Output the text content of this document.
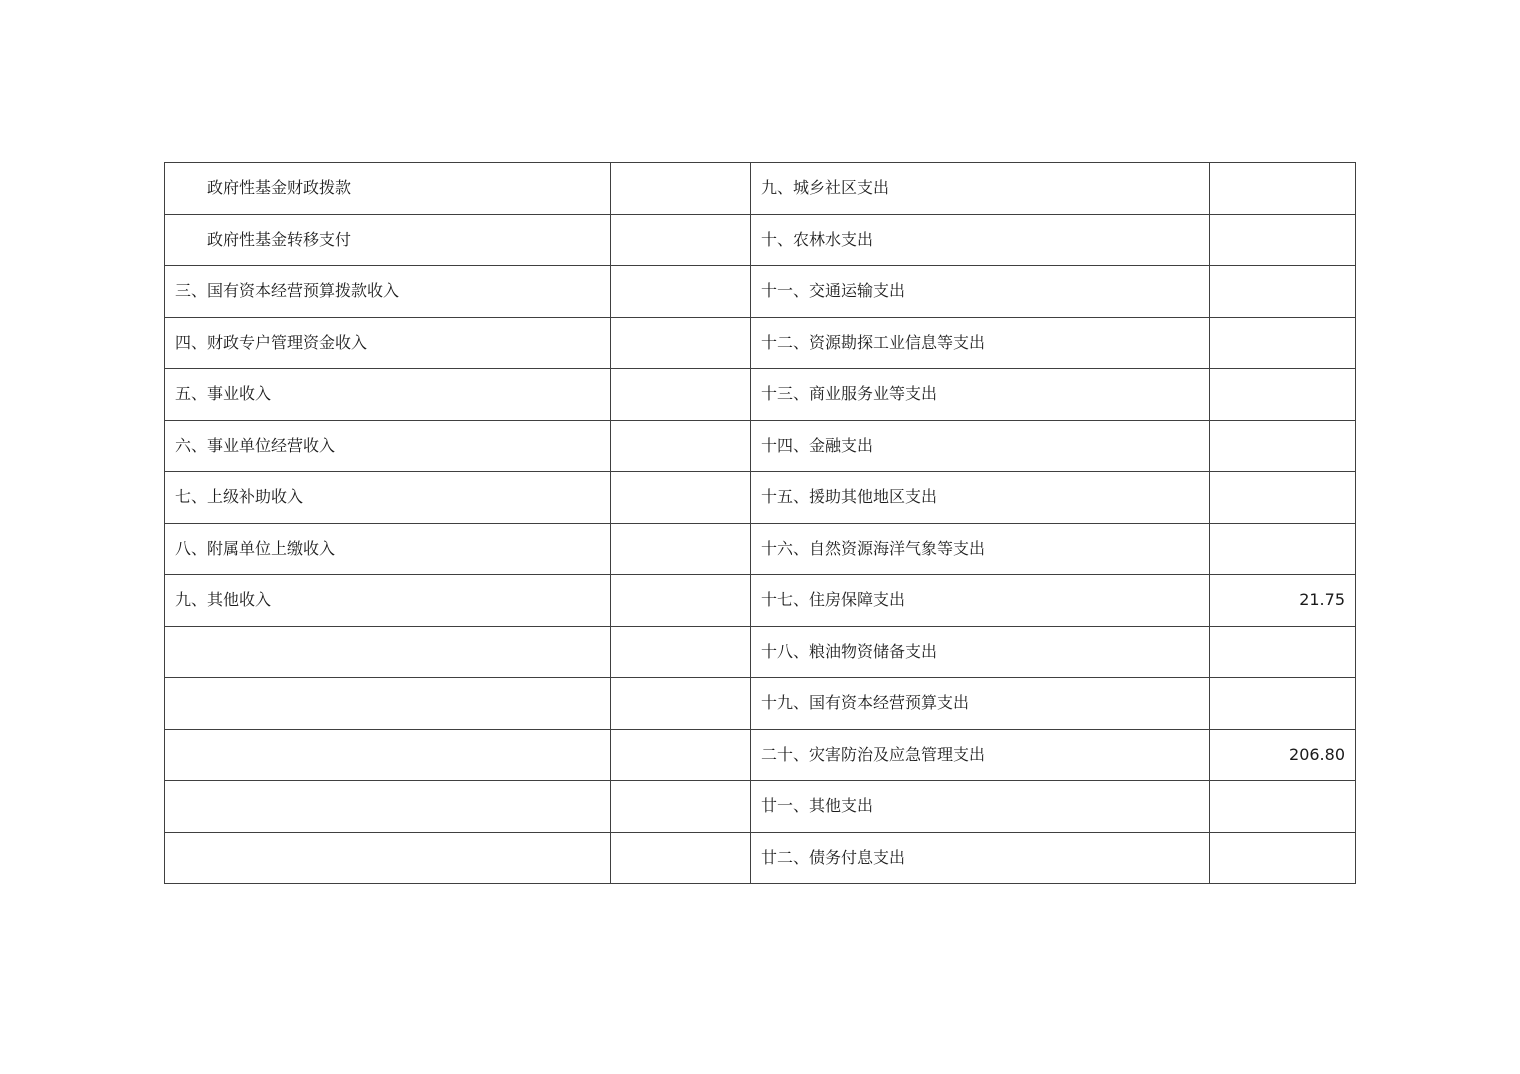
政府性基金财政拨款		九、城乡社区支出	
政府性基金转移支付		十、农林水支出	
三、国有资本经营预算拨款收入		十一、交通运输支出	
四、财政专户管理资金收入		十二、资源勘探工业信息等支出	
五、事业收入		十三、商业服务业等支出	
六、事业单位经营收入		十四、金融支出	
七、上级补助收入		十五、援助其他地区支出	
八、附属单位上缴收入		十六、自然资源海洋气象等支出	
九、其他收入		十七、住房保障支出	21.75
		十八、粮油物资储备支出	
		十九、国有资本经营预算支出	
		二十、灾害防治及应急管理支出	206.80
		廿一、其他支出	
		廿二、债务付息支出	
